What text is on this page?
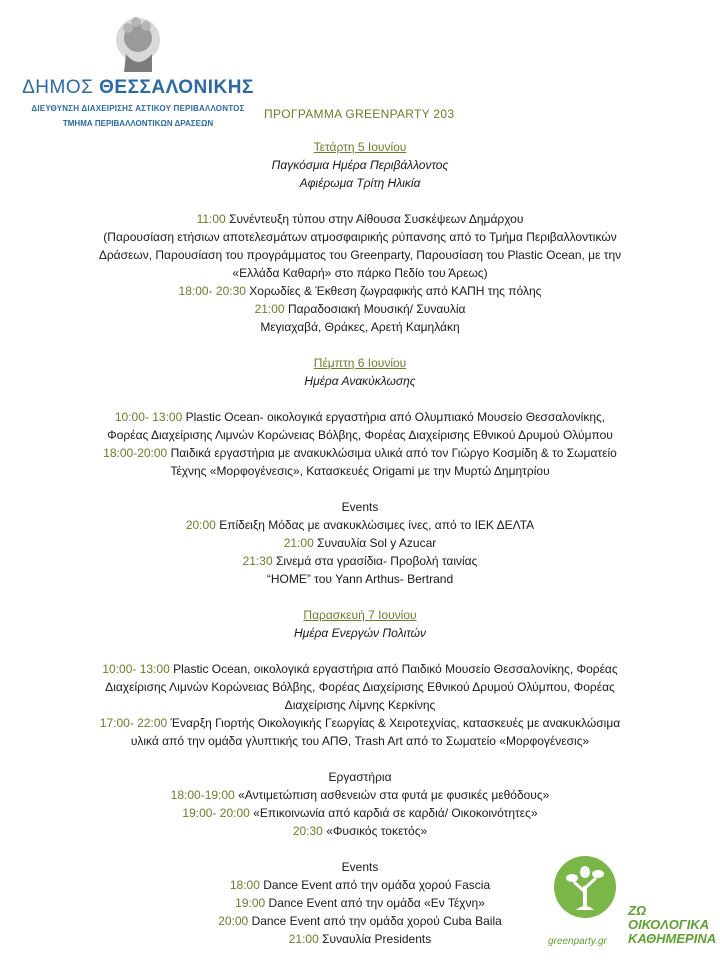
ΔΗΜΟΣ ΘΕΣΣΑΛΟΝΙΚΗΣ
ΔΙΕΥΘΥΝΣΗ ΔΙΑΧΕΙΡΙΣΗΣ ΑΣΤΙΚΟΥ ΠΕΡΙΒΑΛΛΟΝΤΟΣ
ΤΜΗΜΑ ΠΕΡΙΒΑΛΛΟΝΤΙΚΩΝ ΔΡΑΣΕΩΝ
ΠΡΟΓΡΑΜΜΑ GREENPARTY 203
Τετάρτη 5 Ιουνίου
Παγκόσμια Ημέρα Περιβάλλοντος
Αφιέρωμα Τρίτη Ηλικία
11:00 Συνέντευξη τύπου στην Αίθουσα Συσκέψεων Δημάρχου
(Παρουσίαση ετήσιων αποτελεσμάτων ατμοσφαιρικής ρύπανσης από το Τμήμα Περιβαλλοντικών
Δράσεων, Παρουσίαση του προγράμματος του Greenparty, Παρουσίαση του Plastic Ocean, με την
«Ελλάδα Καθαρή» στο πάρκο Πεδίο του Άρεως)
18:00- 20:30 Χορωδίες & Έκθεση ζωγραφικής από ΚΑΠΗ της πόλης
21:00 Παραδοσιακή Μουσική/ Συναυλία
Μεγιαχαβά, Θράκες, Αρετή Καμηλάκη
Πέμπτη 6 Ιουνίου
Ημέρα Ανακύκλωσης
10:00- 13:00 Plastic Ocean- οικολογικά εργαστήρια από Ολυμπιακό Μουσείο Θεσσαλονίκης,
Φορέας Διαχείρισης Λιμνών Κορώνειας Βόλβης, Φορέας Διαχείρισης Εθνικού Δρυμού Ολύμπου
18:00-20:00 Παιδικά εργαστήρια με ανακυκλώσιμα υλικά από τον Γιώργο Κοσμίδη & το Σωματείο
Τέχνης «Μορφογένεσις», Κατασκευές Origami με την Μυρτώ Δημητρίου
Events
20:00 Επίδειξη Μόδας με ανακυκλώσιμες ίνες, από το ΙΕΚ ΔΕΛΤΑ
21:00 Συναυλία Sol y Azucar
21:30 Σινεμά στα γρασίδια- Προβολή ταινίας
“HOME” του Yann Arthus- Bertrand
Παρασκευή 7 Ιουνίου
Ημέρα Ενεργών Πολιτών
10:00- 13:00 Plastic Ocean, οικολογικά εργαστήρια από Παιδικό Μουσείο Θεσσαλονίκης, Φορέας
Διαχείρισης Λιμνών Κορώνειας Βόλβης, Φορέας Διαχείρισης Εθνικού Δρυμού Ολύμπου, Φορέας
Διαχείρισης Λίμνης Κερκίνης
17:00- 22:00 Έναρξη Γιορτής Οικολογικής Γεωργίας & Χειροτεχνίας, κατασκευές με ανακυκλώσιμα
υλικά από την ομάδα γλυπτικής του ΑΠΘ, Trash Art από το Σωματείο «Μορφογένεσις»
Εργαστήρια
18:00-19:00 «Αντιμετώπιση ασθενειών στα φυτά με φυσικές μεθόδους»
19:00- 20:00 «Επικοινωνία από καρδιά σε καρδιά/ Οικοκοινότητες»
20:30 «Φυσικός τοκετός»
Events
18:00 Dance Event από την ομάδα χορού Fascia
19:00 Dance Event από την ομάδα «Εν Τέχνη»
20:00 Dance Event από την ομάδα χορού Cuba Baila
21:00 Συναυλία Presidents
ΖΩ ΟΙΚΟΛΟΓΙΚΑ
ΚΑΘΗΜΕΡΙΝΑ
greenparty.gr
